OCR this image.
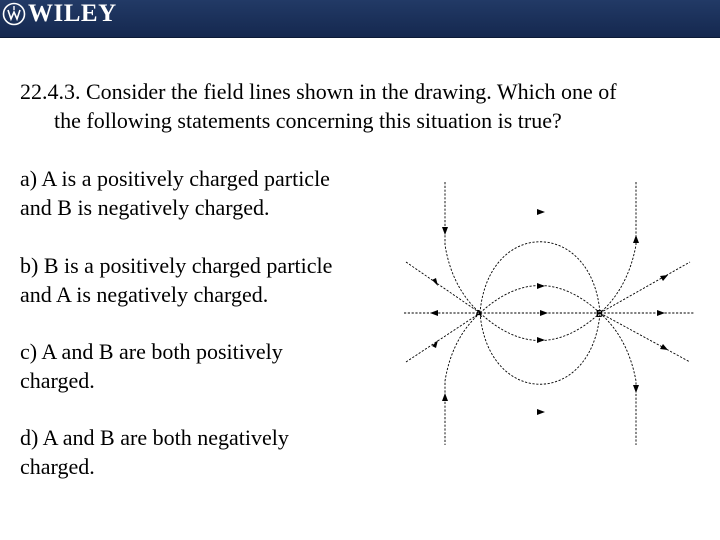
WILEY
22.4.3. Consider the field lines shown in the drawing. Which one of
the following statements concerning this situation is true?
a) A is a positively charged particle
and B is negatively charged.
b) B is a positively charged particle
and A is negatively charged.
c) A and B are both positively
charged.
d) A and B are both negatively
charged.
A	B
